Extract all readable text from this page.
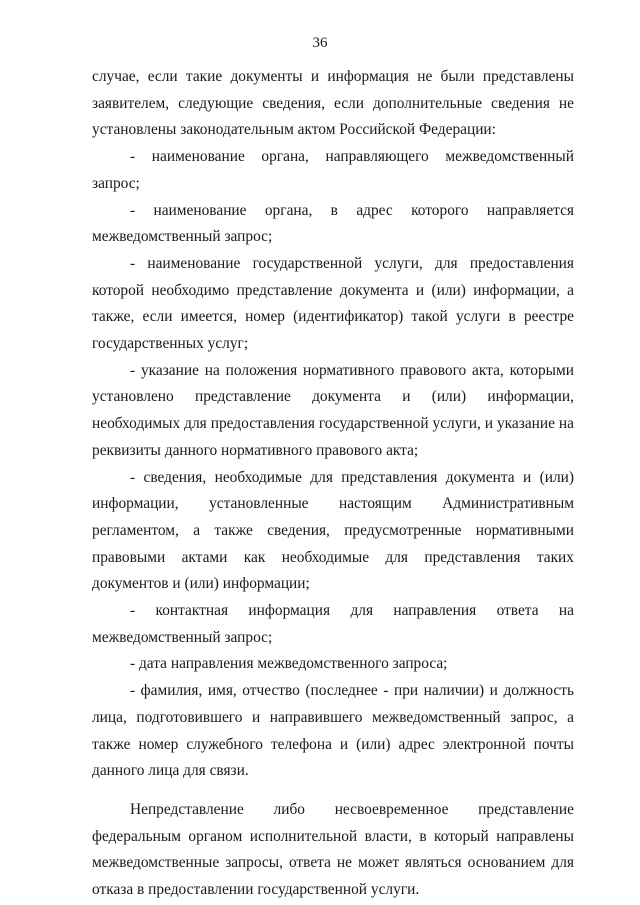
36

случае, если такие документы и информация не были представлены заявителем, следующие сведения, если дополнительные сведения не установлены законодательным актом Российской Федерации:

- наименование органа, направляющего межведомственный запрос;

- наименование органа, в адрес которого направляется межведомственный запрос;

- наименование государственной услуги, для предоставления которой необходимо представление документа и (или) информации, а также, если имеется, номер (идентификатор) такой услуги в реестре государственных услуг;

- указание на положения нормативного правового акта, которыми установлено представление документа и (или) информации, необходимых для предоставления государственной услуги, и указание на реквизиты данного нормативного правового акта;

- сведения, необходимые для представления документа и (или) информации, установленные настоящим Административным регламентом, а также сведения, предусмотренные нормативными правовыми актами как необходимые для представления таких документов и (или) информации;

- контактная информация для направления ответа на межведомственный запрос;

- дата направления межведомственного запроса;

- фамилия, имя, отчество (последнее - при наличии) и должность лица, подготовившего и направившего межведомственный запрос, а также номер служебного телефона и (или) адрес электронной почты данного лица для связи.

Непредставление либо несвоевременное представление федеральным органом исполнительной власти, в который направлены межведомственные запросы, ответа не может являться основанием для отказа в предоставлении государственной услуги.
